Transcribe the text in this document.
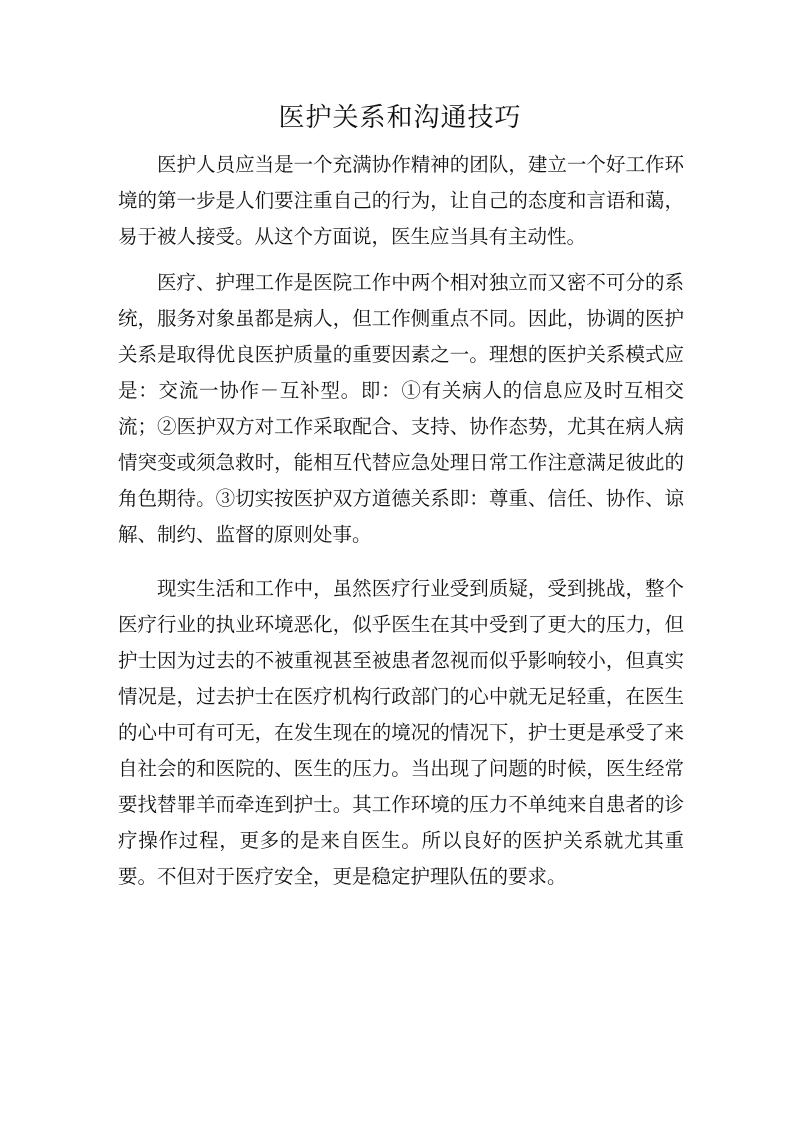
医护关系和沟通技巧

医护人员应当是一个充满协作精神的团队，建立一个好工作环境的第一步是人们要注重自己的行为，让自己的态度和言语和蔼，易于被人接受。从这个方面说，医生应当具有主动性。

医疗、护理工作是医院工作中两个相对独立而又密不可分的系统，服务对象虽都是病人，但工作侧重点不同。因此，协调的医护关系是取得优良医护质量的重要因素之一。理想的医护关系模式应是：交流一协作－互补型。即：①有关病人的信息应及时互相交流；②医护双方对工作采取配合、支持、协作态势，尤其在病人病情突变或须急救时，能相互代替应急处理日常工作注意满足彼此的角色期待。③切实按医护双方道德关系即：尊重、信任、协作、谅解、制约、监督的原则处事。

现实生活和工作中，虽然医疗行业受到质疑，受到挑战，整个医疗行业的执业环境恶化，似乎医生在其中受到了更大的压力，但护士因为过去的不被重视甚至被患者忽视而似乎影响较小，但真实情况是，过去护士在医疗机构行政部门的心中就无足轻重，在医生的心中可有可无，在发生现在的境况的情况下，护士更是承受了来自社会的和医院的、医生的压力。当出现了问题的时候，医生经常要找替罪羊而牵连到护士。其工作环境的压力不单纯来自患者的诊疗操作过程，更多的是来自医生。所以良好的医护关系就尤其重要。不但对于医疗安全，更是稳定护理队伍的要求。
